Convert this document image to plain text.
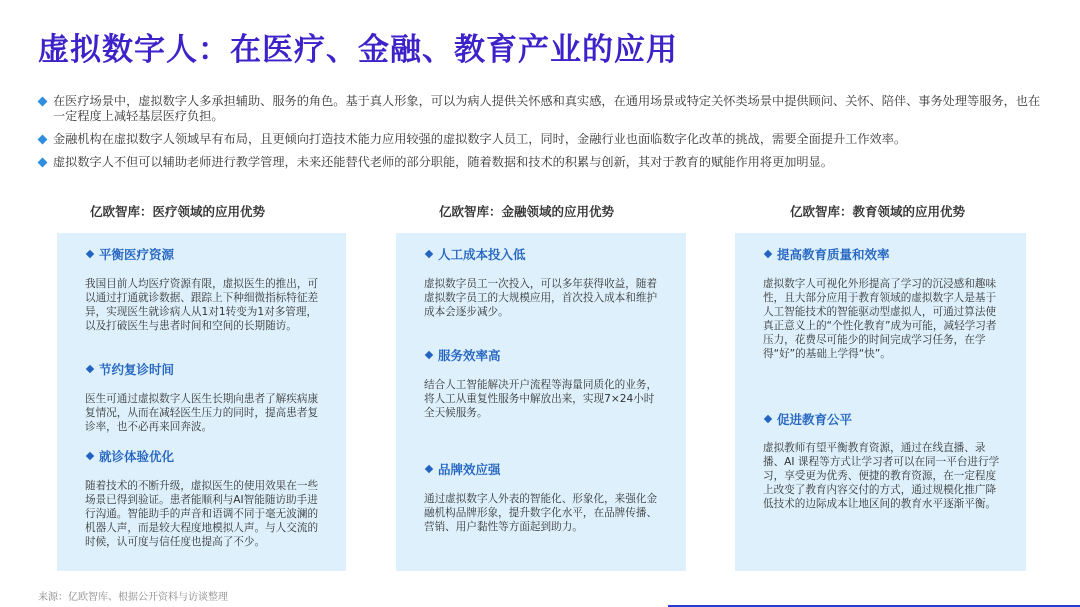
虚拟数字人：在医疗、金融、教育产业的应用
在医疗场景中，虚拟数字人多承担辅助、服务的角色。基于真人形象，可以为病人提供关怀感和真实感，在通用场景或特定关怀类场景中提供顾问、关怀、陪伴、事务处理等服务，也在一定程度上减轻基层医疗负担。
金融机构在虚拟数字人领域早有布局，且更倾向打造技术能力应用较强的虚拟数字人员工，同时，金融行业也面临数字化改革的挑战，需要全面提升工作效率。
虚拟数字人不但可以辅助老师进行教学管理，未来还能替代老师的部分职能，随着数据和技术的积累与创新，其对于教育的赋能作用将更加明显。
亿欧智库：医疗领域的应用优势	亿欧智库：金融领域的应用优势	亿欧智库：教育领域的应用优势
平衡医疗资源
我国目前人均医疗资源有限，虚拟医生的推出，可以通过打通就诊数据、跟踪上下种细微指标特征差异，实现医生就诊病人从1对1转变为1对多管理，以及打破医生与患者时间和空间的长期随访。
节约复诊时间
医生可通过虚拟数字人医生长期向患者了解疾病康复情况，从而在减轻医生压力的同时，提高患者复诊率，也不必再来回奔波。
就诊体验优化
随着技术的不断升级，虚拟医生的使用效果在一些场景已得到验证。患者能顺利与AI智能随访助手进行沟通。智能助手的声音和语调不同于毫无波澜的机器人声，而是较大程度地模拟人声。与人交流的时候，认可度与信任度也提高了不少。
人工成本投入低
虚拟数字员工一次投入，可以多年获得收益，随着虚拟数字员工的大规模应用，首次投入成本和维护成本会逐步减少。
服务效率高
结合人工智能解决开户流程等海量同质化的业务，将人工从重复性服务中解放出来，实现7×24小时全天候服务。
品牌效应强
通过虚拟数字人外表的智能化、形象化，来强化金融机构品牌形象，提升数字化水平，在品牌传播、营销、用户黏性等方面起到助力。
提高教育质量和效率
虚拟数字人可视化外形提高了学习的沉浸感和趣味性，且大部分应用于教育领域的虚拟数字人是基于人工智能技术的智能驱动型虚拟人，可通过算法使真正意义上的“个性化教育”成为可能，减轻学习者压力，花费尽可能少的时间完成学习任务，在学得“好”的基础上学得“快”。
促进教育公平
虚拟教师有望平衡教育资源，通过在线直播、录播、AI 课程等方式让学习者可以在同一平台进行学习，享受更为优秀、便捷的教育资源，在一定程度上改变了教育内容交付的方式，通过规模化推广降低技术的边际成本让地区间的教育水平逐渐平衡。
来源：亿欧智库、根据公开资料与访谈整理
